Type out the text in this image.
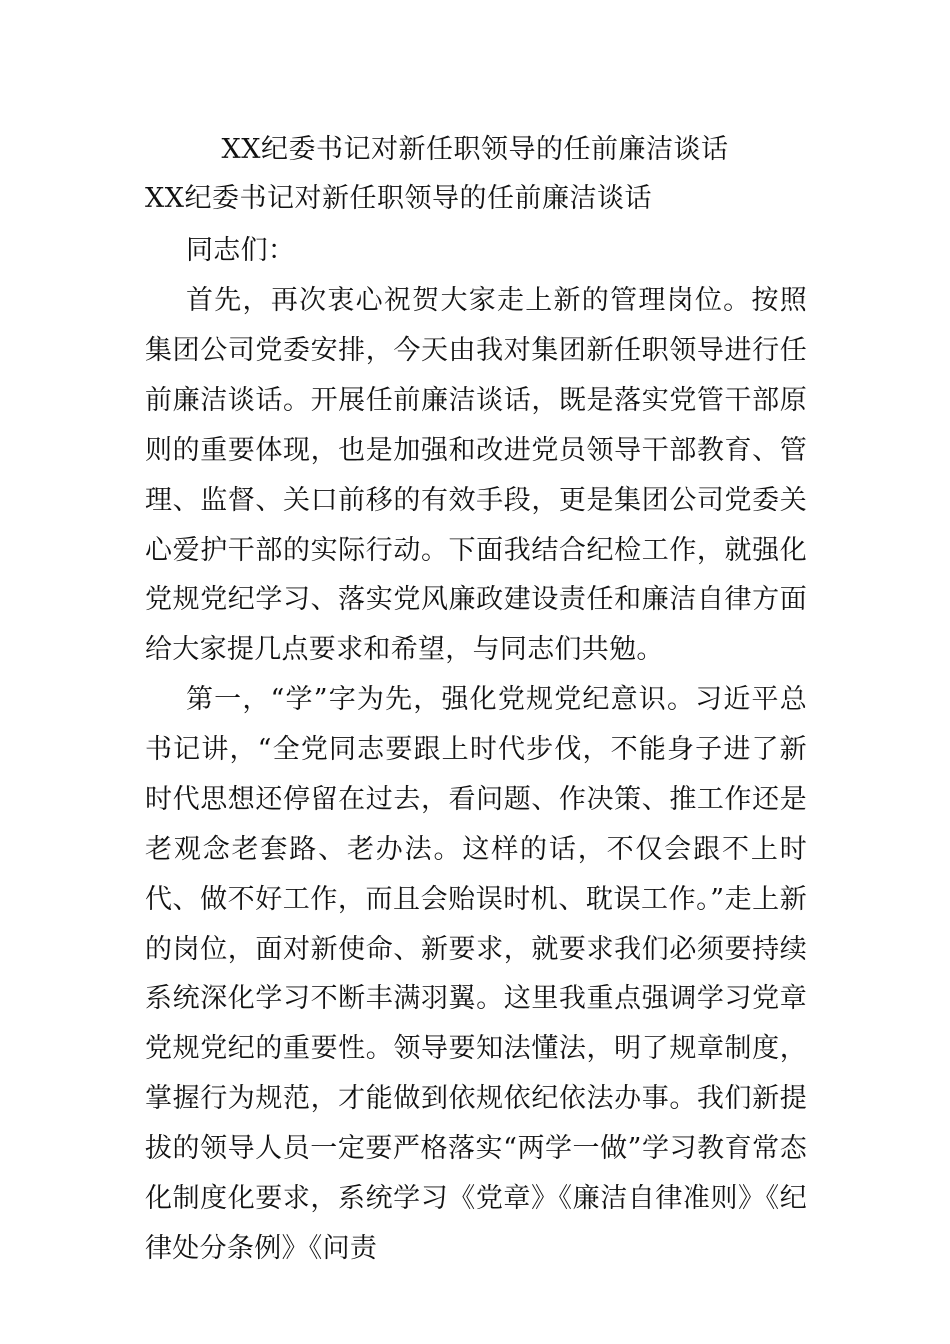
XX纪委书记对新任职领导的任前廉洁谈话
XX纪委书记对新任职领导的任前廉洁谈话

同志们：

首先，再次衷心祝贺大家走上新的管理岗位。按照集团公司党委安排，今天由我对集团新任职领导进行任前廉洁谈话。开展任前廉洁谈话，既是落实党管干部原则的重要体现，也是加强和改进党员领导干部教育、管理、监督、关口前移的有效手段，更是集团公司党委关心爱护干部的实际行动。下面我结合纪检工作，就强化党规党纪学习、落实党风廉政建设责任和廉洁自律方面给大家提几点要求和希望，与同志们共勉。

第一，“学”字为先，强化党规党纪意识。习近平总书记讲，“全党同志要跟上时代步伐，不能身子进了新时代思想还停留在过去，看问题、作决策、推工作还是老观念老套路、老办法。这样的话，不仅会跟不上时代、做不好工作，而且会贻误时机、耽误工作。”走上新的岗位，面对新使命、新要求，就要求我们必须要持续系统深化学习不断丰满羽翼。这里我重点强调学习党章党规党纪的重要性。领导要知法懂法，明了规章制度，掌握行为规范，才能做到依规依纪依法办事。我们新提拔的领导人员一定要严格落实“两学一做”学习教育常态化制度化要求，系统学习《党章》《廉洁自律准则》《纪律处分条例》《问责
